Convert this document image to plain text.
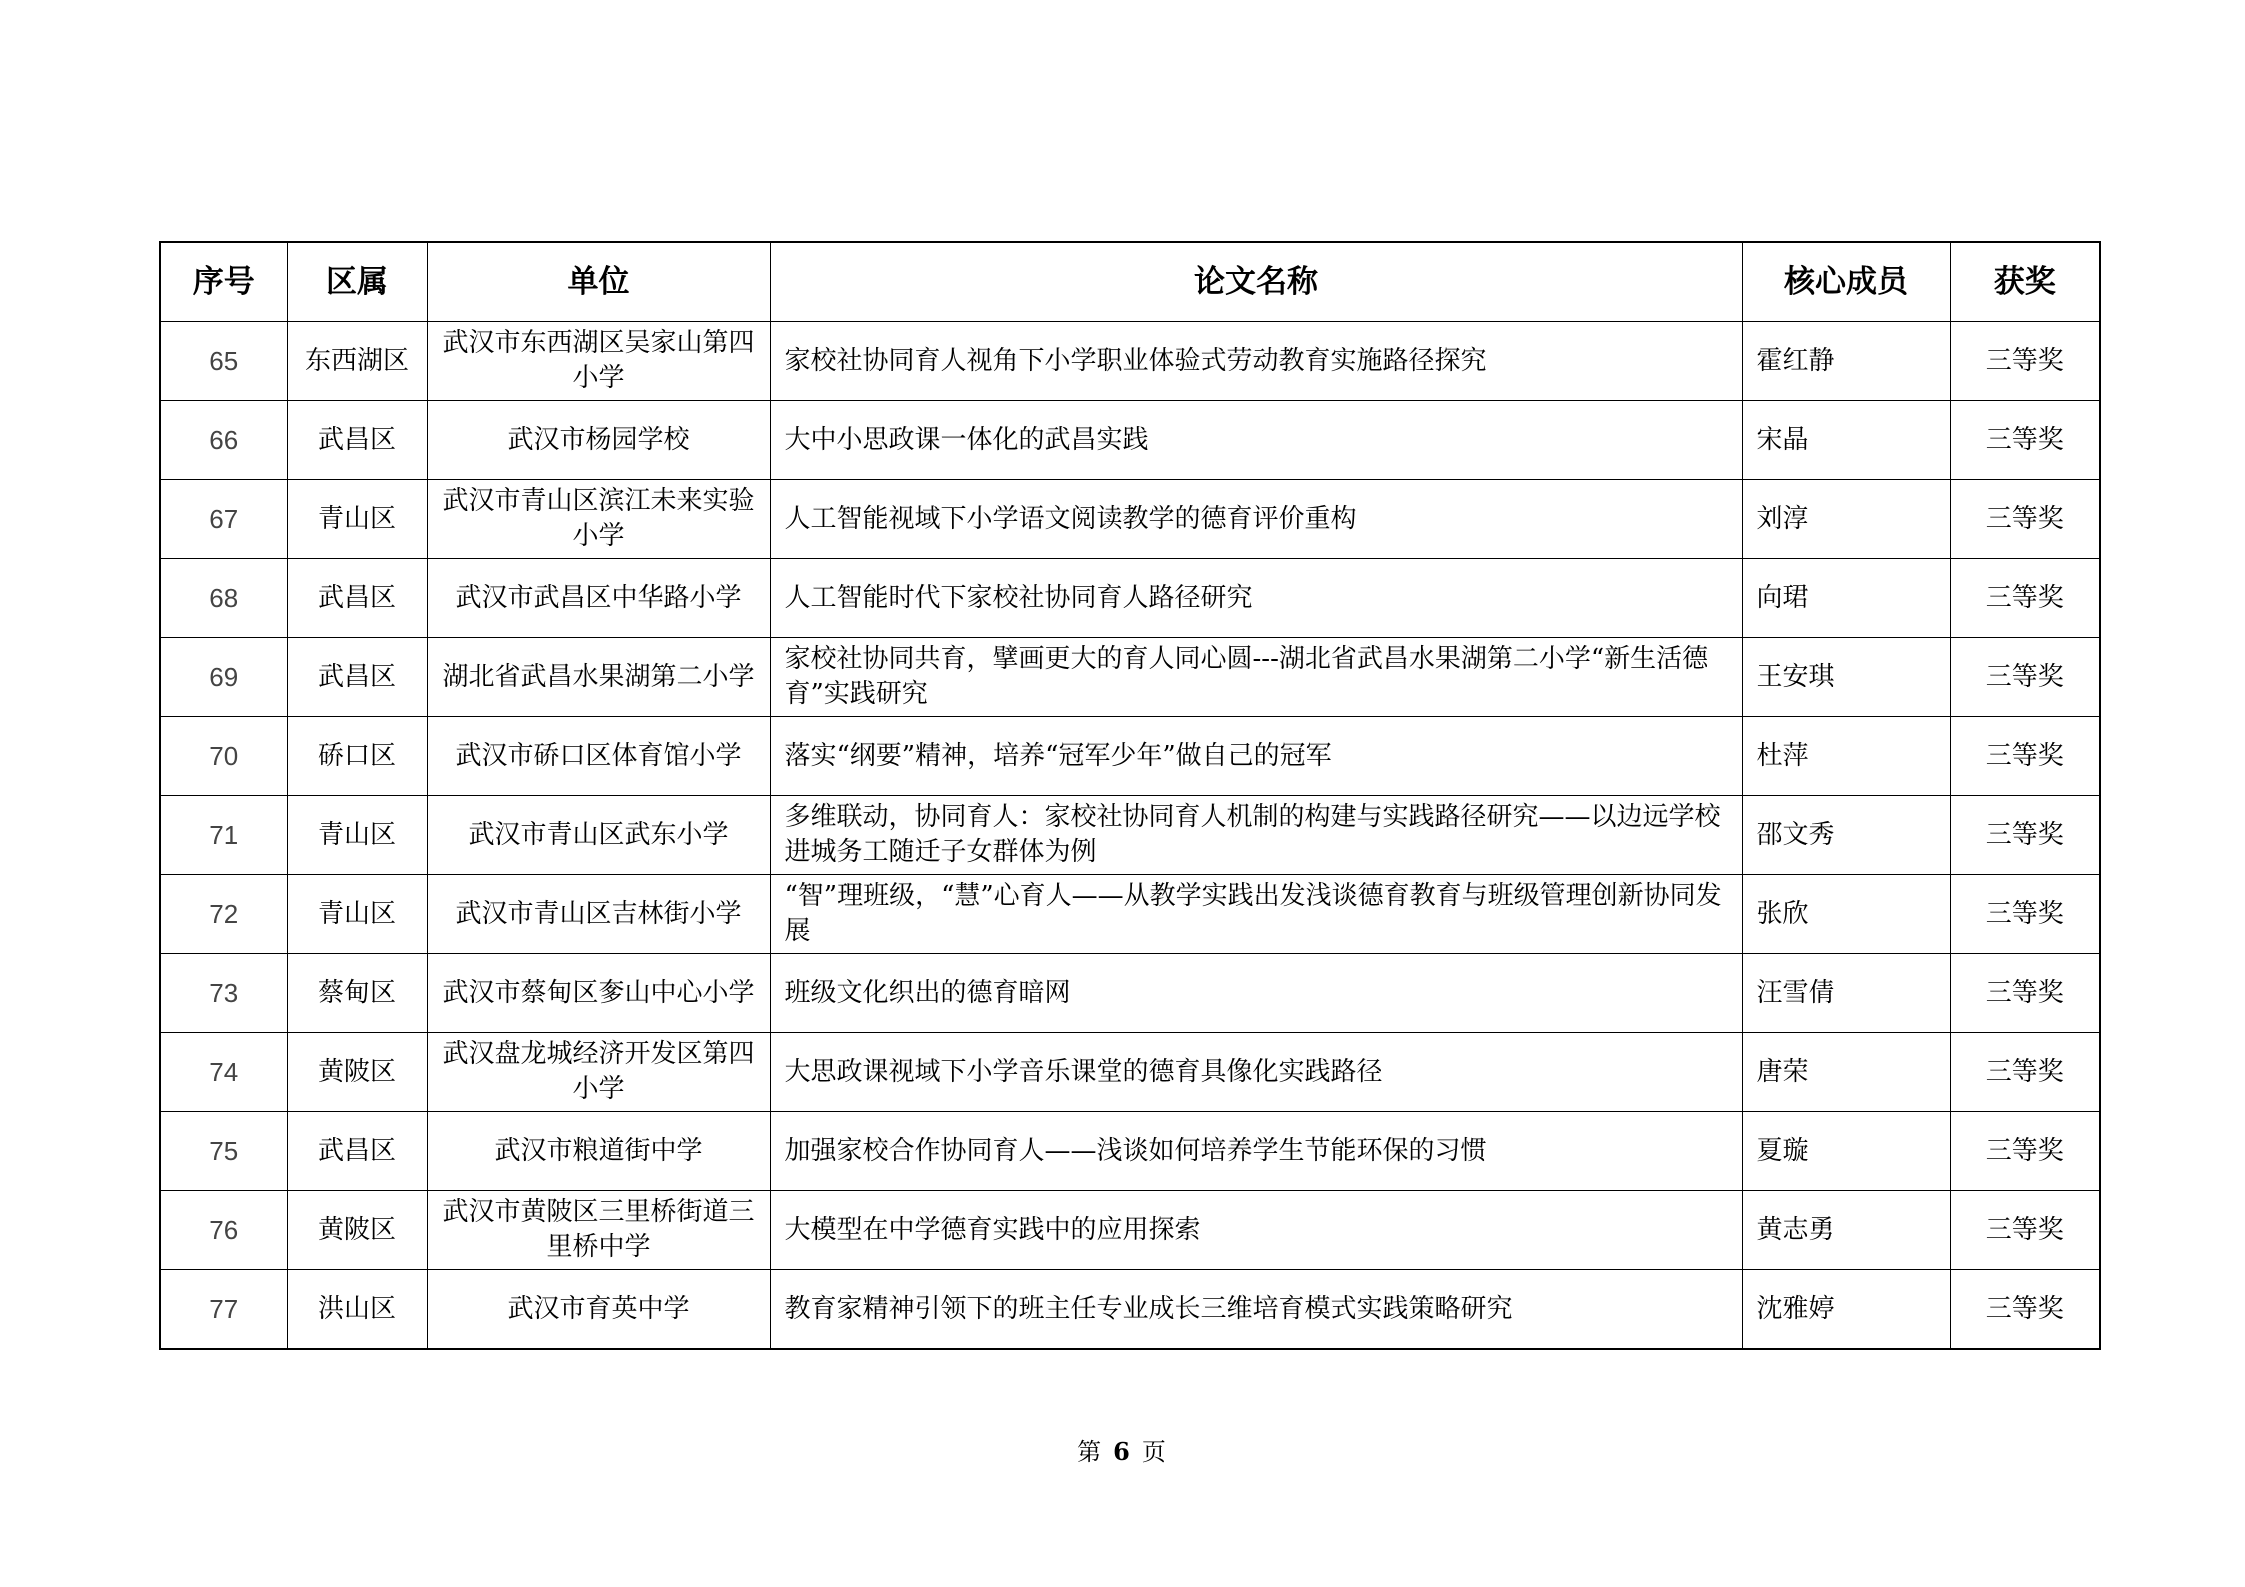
序号	区属	单位	论文名称	核心成员	获奖
65	东西湖区	武汉市东西湖区吴家山第四小学	家校社协同育人视角下小学职业体验式劳动教育实施路径探究	霍红静	三等奖
66	武昌区	武汉市杨园学校	大中小思政课一体化的武昌实践	宋晶	三等奖
67	青山区	武汉市青山区滨江未来实验小学	人工智能视域下小学语文阅读教学的德育评价重构	刘淳	三等奖
68	武昌区	武汉市武昌区中华路小学	人工智能时代下家校社协同育人路径研究	向珺	三等奖
69	武昌区	湖北省武昌水果湖第二小学	家校社协同共育，擘画更大的育人同心圆---湖北省武昌水果湖第二小学“新生活德育”实践研究	王安琪	三等奖
70	硚口区	武汉市硚口区体育馆小学	落实“纲要”精神，培养“冠军少年”做自己的冠军	杜萍	三等奖
71	青山区	武汉市青山区武东小学	多维联动，协同育人：家校社协同育人机制的构建与实践路径研究——以边远学校进城务工随迁子女群体为例	邵文秀	三等奖
72	青山区	武汉市青山区吉林街小学	“智”理班级，“慧”心育人——从教学实践出发浅谈德育教育与班级管理创新协同发展	张欣	三等奖
73	蔡甸区	武汉市蔡甸区奓山中心小学	班级文化织出的德育暗网	汪雪倩	三等奖
74	黄陂区	武汉盘龙城经济开发区第四小学	大思政课视域下小学音乐课堂的德育具像化实践路径	唐荣	三等奖
75	武昌区	武汉市粮道街中学	加强家校合作协同育人——浅谈如何培养学生节能环保的习惯	夏璇	三等奖
76	黄陂区	武汉市黄陂区三里桥街道三里桥中学	大模型在中学德育实践中的应用探索	黄志勇	三等奖
77	洪山区	武汉市育英中学	教育家精神引领下的班主任专业成长三维培育模式实践策略研究	沈雅婷	三等奖
第 6 页
